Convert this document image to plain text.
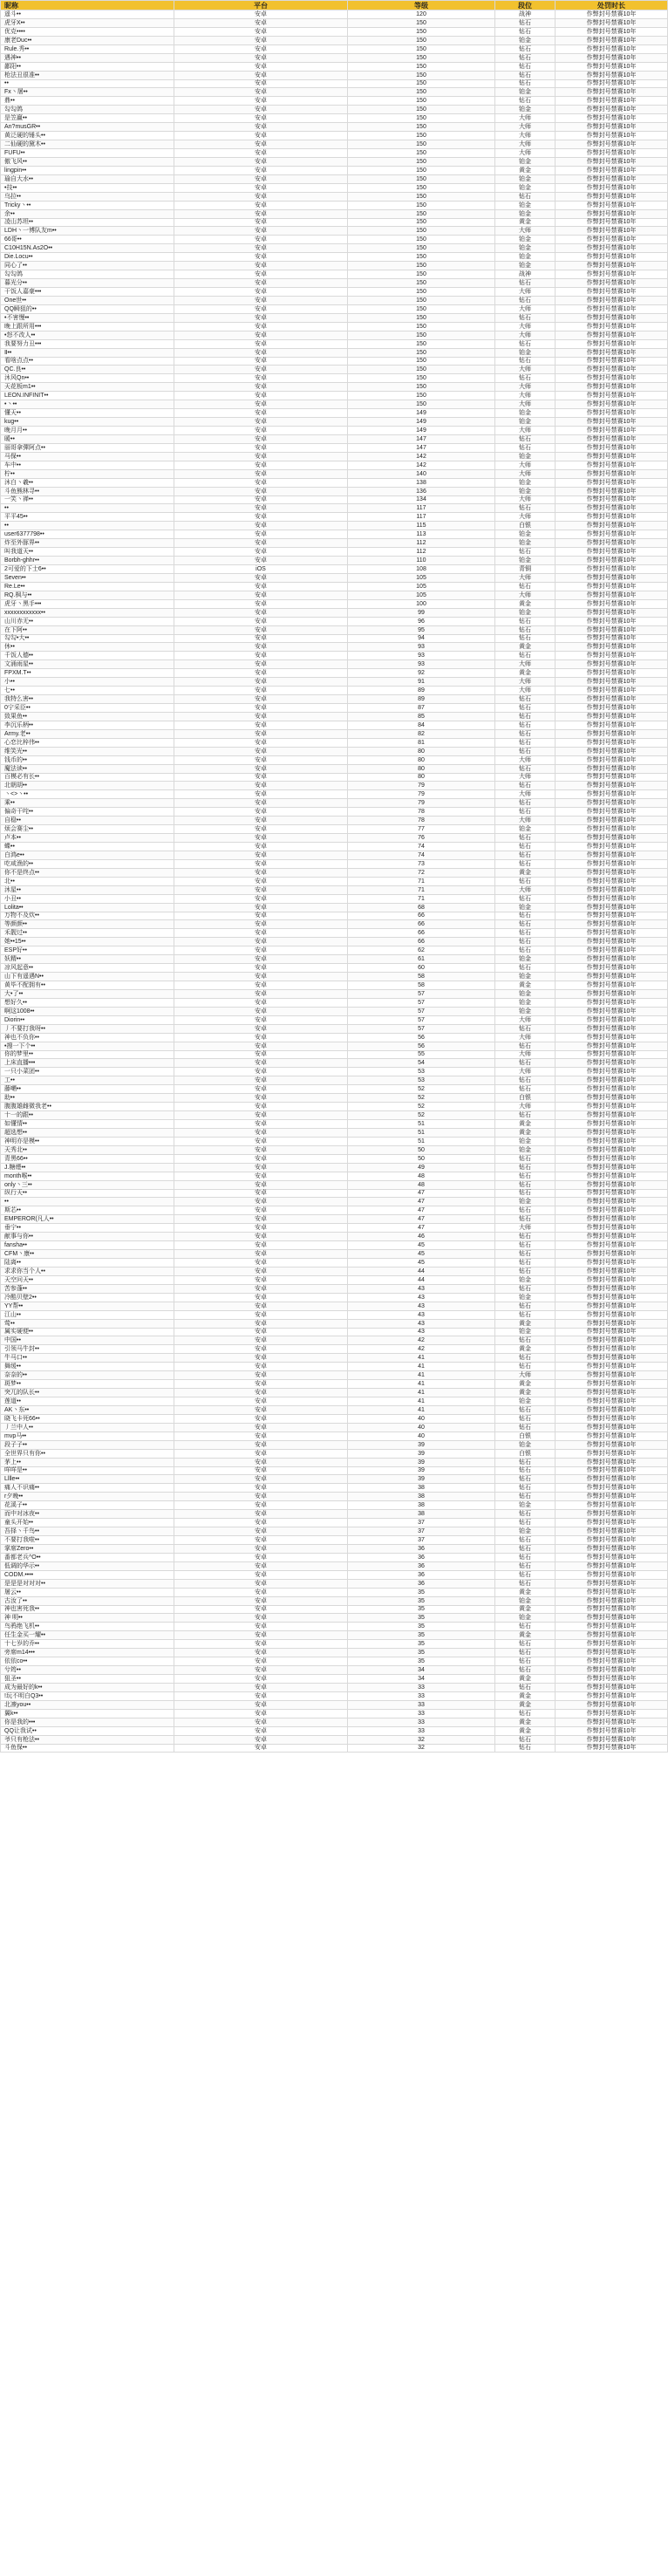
昵称	平台	等级	段位	处罚时长
遥斗••	安卓	120	战神	作弊封号禁赛10年
虎牙X••	安卓	150	钻石	作弊封号禁赛10年
优克••••	安卓	150	钻石	作弊封号禁赛10年
康老Duc••	安卓	150	铂金	作弊封号禁赛10年
Rule.秀••	安卓	150	钻石	作弊封号禁赛10年
遇神••	安卓	150	钻石	作弊封号禁赛10年
鄙阳••	安卓	150	钻石	作弊封号禁赛10年
枪法丑很准••	安卓	150	钻石	作弊封号禁赛10年
••	安卓	150	钻石	作弊封号禁赛10年
Fx丶屠••	安卓	150	铂金	作弊封号禁赛10年
鼎••	安卓	150	钻石	作弊封号禁赛10年
勾勾鸽	安卓	150	铂金	作弊封号禁赛10年
是笠赢••	安卓	150	大师	作弊封号禁赛10年
An?musGR••	安卓	150	大师	作弊封号禁赛10年
黄泛硬的锤头••	安卓	150	大师	作弊封号禁赛10年
二仙硬的黛木••	安卓	150	大师	作弊封号禁赛10年
FUFU••	安卓	150	大师	作弊封号禁赛10年
傲飞风••	安卓	150	铂金	作弊封号禁赛10年
lingpin••	安卓	150	黄金	作弊封号禁赛10年
瑜自大水••	安卓	150	铂金	作弊封号禁赛10年
•技••	安卓	150	铂金	作弊封号禁赛10年
乌拉••	安卓	150	钻石	作弊封号禁赛10年
Tricky丶••	安卓	150	铂金	作弊封号禁赛10年
余••	安卓	150	铂金	作弊封号禁赛10年
凌山苏坦••	安卓	150	黄金	作弊封号禁赛10年
LDH丶一博队友m••	安卓	150	大师	作弊封号禁赛10年
66哥••	安卓	150	铂金	作弊封号禁赛10年
C10H15N.As2O••	安卓	150	铂金	作弊封号禁赛10年
Die.Locu••	安卓	150	铂金	作弊封号禁赛10年
同心了••	安卓	150	铂金	作弊封号禁赛10年
勾勾鸽	安卓	150	战神	作弊封号禁赛10年
暮光分••	安卓	150	钻石	作弊封号禁赛10年
干饭人嘉豪•••	安卓	150	大师	作弊封号禁赛10年
One世••	安卓	150	钻石	作弊封号禁赛10年
QQ瞬狙的••	安卓	150	大师	作弊封号禁赛10年
•不害慢••	安卓	150	钻石	作弊封号禁赛10年
晚上跟所用•••	安卓	150	大师	作弊封号禁赛10年
•怒不改人••	安卓	150	大师	作弊封号禁赛10年
我要努力丑•••	安卓	150	钻石	作弊封号禁赛10年
Ⅱ••	安卓	150	铂金	作弊封号禁赛10年
看啥点点••	安卓	150	钻石	作弊封号禁赛10年
QC.良••	安卓	150	大师	作弊封号禁赛10年
沐风Qn••	安卓	150	钻石	作弊封号禁赛10年
天花板m1••	安卓	150	大师	作弊封号禁赛10年
LEON.INFINIT••	安卓	150	大师	作弊封号禁赛10年
•丶••	安卓	150	大师	作弊封号禁赛10年
懂天••	安卓	149	铂金	作弊封号禁赛10年
kug••	安卓	149	铂金	作弊封号禁赛10年
晚月月••	安卓	149	大师	作弊封号禁赛10年
暖••	安卓	147	钻石	作弊封号禁赛10年
丽哥拿彈阿点••	安卓	147	钻石	作弊封号禁赛10年
马保••	安卓	142	铂金	作弊封号禁赛10年
车中••	安卓	142	大师	作弊封号禁赛10年
柠••	安卓	140	大师	作弊封号禁赛10年
沐白丶羲••	安卓	138	铂金	作弊封号禁赛10年
斗鱼熊林寻••	安卓	136	铂金	作弊封号禁赛10年
一笑丶禅••	安卓	134	大师	作弊封号禁赛10年
••	安卓	117	钻石	作弊封号禁赛10年
平平45••	安卓	117	大师	作弊封号禁赛10年
••	安卓	115	白银	作弊封号禁赛10年
user6377798••	安卓	113	铂金	作弊封号禁赛10年
炸至外豚界••	安卓	112	铂金	作弊封号禁赛10年
叫我道天••	安卓	112	钻石	作弊封号禁赛10年
Borbh-ghhr••	安卓	110	铂金	作弊封号禁赛10年
2可爱的下士6••	iOS	108	青铜	作弊封号禁赛10年
Seven••	安卓	105	大师	作弊封号禁赛10年
Re.Le••	安卓	105	钻石	作弊封号禁赛10年
RQ.枫与••	安卓	105	大师	作弊封号禁赛10年
虎牙丶黑手•••	安卓	100	黄金	作弊封号禁赛10年
xxxxxxxxxxxx••	安卓	99	铂金	作弊封号禁赛10年
山川赤无••	安卓	96	钻石	作弊封号禁赛10年
在下阿••	安卓	95	钻石	作弊封号禁赛10年
勾勾•大••	安卓	94	钻石	作弊封号禁赛10年
休••	安卓	93	黄金	作弊封号禁赛10年
千饭人德••	安卓	93	钻石	作弊封号禁赛10年
文涌雨星••	安卓	93	大师	作弊封号禁赛10年
FPXM.T••	安卓	92	黄金	作弊封号禁赛10年
小••	安卓	91	大师	作弊封号禁赛10年
七••	安卓	89	大师	作弊封号禁赛10年
我特么害••	安卓	89	钻石	作弊封号禁赛10年
0宁采臣••	安卓	87	钻石	作弊封号禁赛10年
致果鱼••	安卓	85	钻石	作弊封号禁赛10年
李沉乐柄••	安卓	84	钻石	作弊封号禁赛10年
Army.老••	安卓	82	钻石	作弊封号禁赛10年
心恋比梓伟••	安卓	81	钻石	作弊封号禁赛10年
维笑光••	安卓	80	钻石	作弊封号禁赛10年
钱币的••	安卓	80	大师	作弊封号禁赛10年
魔法读••	安卓	80	钻石	作弊封号禁赛10年
百模必有长••	安卓	80	大师	作弊封号禁赛10年
北朝胡••	安卓	79	钻石	作弊封号禁赛10年
丶<>丶••	安卓	79	大师	作弊封号禁赛10年
乘••	安卓	79	钻石	作弊封号禁赛10年
偏奇干咤••	安卓	78	钻石	作弊封号禁赛10年
自稳••	安卓	78	大师	作弊封号禁赛10年
烦会赛尘••	安卓	77	铂金	作弊封号禁赛10年
卢本••	安卓	76	钻石	作弊封号禁赛10年
蝶••	安卓	74	钻石	作弊封号禁赛10年
白鸿e••	安卓	74	钻石	作弊封号禁赛10年
吃咸渔的••	安卓	73	钻石	作弊封号禁赛10年
你不是终点••	安卓	72	黄金	作弊封号禁赛10年
北••	安卓	71	钻石	作弊封号禁赛10年
沐星••	安卓	71	大师	作弊封号禁赛10年
小丑••	安卓	71	钻石	作弊封号禁赛10年
Lolita••	安卓	68	铂金	作弊封号禁赛10年
万物不及炊••	安卓	66	钻石	作弊封号禁赛10年
等颜颜••	安卓	66	钻石	作弊封号禁赛10年
禾靓过••	安卓	66	钻石	作弊封号禁赛10年
她••15••	安卓	66	钻石	作弊封号禁赛10年
ESP好••	安卓	62	钻石	作弊封号禁赛10年
妖精••	安卓	61	铂金	作弊封号禁赛10年
凉风起意••	安卓	60	钻石	作弊封号禁赛10年
山下有遥遇N••	安卓	58	铂金	作弊封号禁赛10年
黄毕不配拥有••	安卓	58	黄金	作弊封号禁赛10年
大•了••	安卓	57	铂金	作弊封号禁赛10年
想好久••	安卓	57	铂金	作弊封号禁赛10年
啊这1008••	安卓	57	铂金	作弊封号禁赛10年
Diorin••	安卓	57	大师	作弊封号禁赛10年
丿不要打我呀••	安卓	57	钻石	作弊封号禁赛10年
神也不负你••	安卓	56	大师	作弊封号禁赛10年
•搜一下个••	安卓	56	钻石	作弊封号禁赛10年
你的梦里••	安卓	55	大师	作弊封号禁赛10年
上床直播•••	安卓	54	钻石	作弊封号禁赛10年
一只小菜团••	安卓	53	大师	作弊封号禁赛10年
工••	安卓	53	钻石	作弊封号禁赛10年
藤嗮••	安卓	52	钻石	作弊封号禁赛10年
助••	安卓	52	白银	作弊封号禁赛10年
腹腹雄雌微我老••	安卓	52	大师	作弊封号禁赛10年
十一的跟••	安卓	52	钻石	作弊封号禁赛10年
如懂情••	安卓	51	黄金	作弊封号禁赛10年
超选想••	安卓	51	黄金	作弊封号禁赛10年
神明亦是模••	安卓	51	铂金	作弊封号禁赛10年
天秀北••	安卓	50	铂金	作弊封号禁赛10年
青黑66••	安卓	50	钻石	作弊封号禁赛10年
J.糖煙••	安卓	49	钻石	作弊封号禁赛10年
month喉••	安卓	48	钻石	作弊封号禁赛10年
only丶三••	安卓	48	钻石	作弊封号禁赛10年
纵行天••	安卓	47	钻石	作弊封号禁赛10年
••	安卓	47	铂金	作弊封号禁赛10年
斯芯••	安卓	47	钻石	作弊封号禁赛10年
EMPEROR(凡人••	安卓	47	钻石	作弊封号禁赛10年
垂宁••	安卓	47	大师	作弊封号禁赛10年
献事与你••	安卓	46	钻石	作弊封号禁赛10年
fansha••	安卓	45	钻石	作弊封号禁赛10年
CFM丶康••	安卓	45	钻石	作弊封号禁赛10年
陆离••	安卓	45	钻石	作弊封号禁赛10年
求求你当个人••	安卓	44	钻石	作弊封号禁赛10年
天空问天••	安卓	44	铂金	作弊封号禁赛10年
苦参蓬••	安卓	43	钻石	作弊封号禁赛10年
冷酷贝壁2••	安卓	43	铂金	作弊封号禁赛10年
YY帮••	安卓	43	钻石	作弊封号禁赛10年
江山••	安卓	43	钻石	作弊封号禁赛10年
莺••	安卓	43	黄金	作弊封号禁赛10年
属实硬便••	安卓	43	铂金	作弊封号禁赛10年
中国••	安卓	42	钻石	作弊封号禁赛10年
引领马牛封••	安卓	42	黄金	作弊封号禁赛10年
牛马口••	安卓	41	钻石	作弊封号禁赛10年
舞缓••	安卓	41	钻石	作弊封号禁赛10年
奈奈的••	安卓	41	大师	作弊封号禁赛10年
斑梦••	安卓	41	黄金	作弊封号禁赛10年
突兀的队长••	安卓	41	黄金	作弊封号禁赛10年
莲道••	安卓	41	铂金	作弊封号禁赛10年
AK丶东••	安卓	41	钻石	作弊封号禁赛10年
晓飞卡死66••	安卓	40	钻石	作弊封号禁赛10年
丿兰中人••	安卓	40	钻石	作弊封号禁赛10年
mvp马••	安卓	40	白银	作弊封号禁赛10年
段子子••	安卓	39	铂金	作弊封号禁赛10年
全世界只有你••	安卓	39	白银	作弊封号禁赛10年
茅上••	安卓	39	钻石	作弊封号禁赛10年
咩咩是••	安卓	39	钻石	作弊封号禁赛10年
Lllle••	安卓	39	钻石	作弊封号禁赛10年
痛人不识痛••	安卓	38	钻石	作弊封号禁赛10年
r夕晚••	安卓	38	钻石	作弊封号禁赛10年
花溪子••	安卓	38	铂金	作弊封号禁赛10年
而中对冰夜••	安卓	38	钻石	作弊封号禁赛10年
童头开始••	安卓	37	钻石	作弊封号禁赛10年
吾择丶千鸟••	安卓	37	铂金	作弊封号禁赛10年
不要打我啦••	安卓	37	钻石	作弊封号禁赛10年
掌席Zero••	安卓	36	钻石	作弊封号禁赛10年
番都老兵^O••	安卓	36	钻石	作弊封号禁赛10年
低调的华示••	安卓	36	钻石	作弊封号禁赛10年
CODM.••••	安卓	36	钻石	作弊封号禁赛10年
是是是对对对••	安卓	36	钻石	作弊封号禁赛10年
屠云••	安卓	35	黄金	作弊封号禁赛10年
古汝了••	安卓	35	铂金	作弊封号禁赛10年
神也害死我••	安卓	35	黄金	作弊封号禁赛10年
神 明••	安卓	35	铂金	作弊封号禁赛10年
鸟鸦绝飞机••	安卓	35	钻石	作弊封号禁赛10年
任生金买一耀••	安卓	35	黄金	作弊封号禁赛10年
十七岁的乔••	安卓	35	钻石	作弊封号禁赛10年
旁席m14•••	安卓	35	钻石	作弊封号禁赛10年
依依co••	安卓	35	钻石	作弊封号禁赛10年
兮筠••	安卓	34	钻石	作弊封号禁赛10年
狙圣••	安卓	34	黄金	作弊封号禁赛10年
成为最好的k••	安卓	33	钻石	作弊封号禁赛10年
!玩不明白Q3••	安卓	33	黄金	作弊封号禁赛10年
北凛you••	安卓	33	黄金	作弊封号禁赛10年
翼k••	安卓	33	钻石	作弊封号禁赛10年
你是我的•••	安卓	33	黄金	作弊封号禁赛10年
QQ让我试••	安卓	33	黄金	作弊封号禁赛10年
爷只有枪法••	安卓	32	钻石	作弊封号禁赛10年
斗鱼保••	安卓	32	钻石	作弊封号禁赛10年
